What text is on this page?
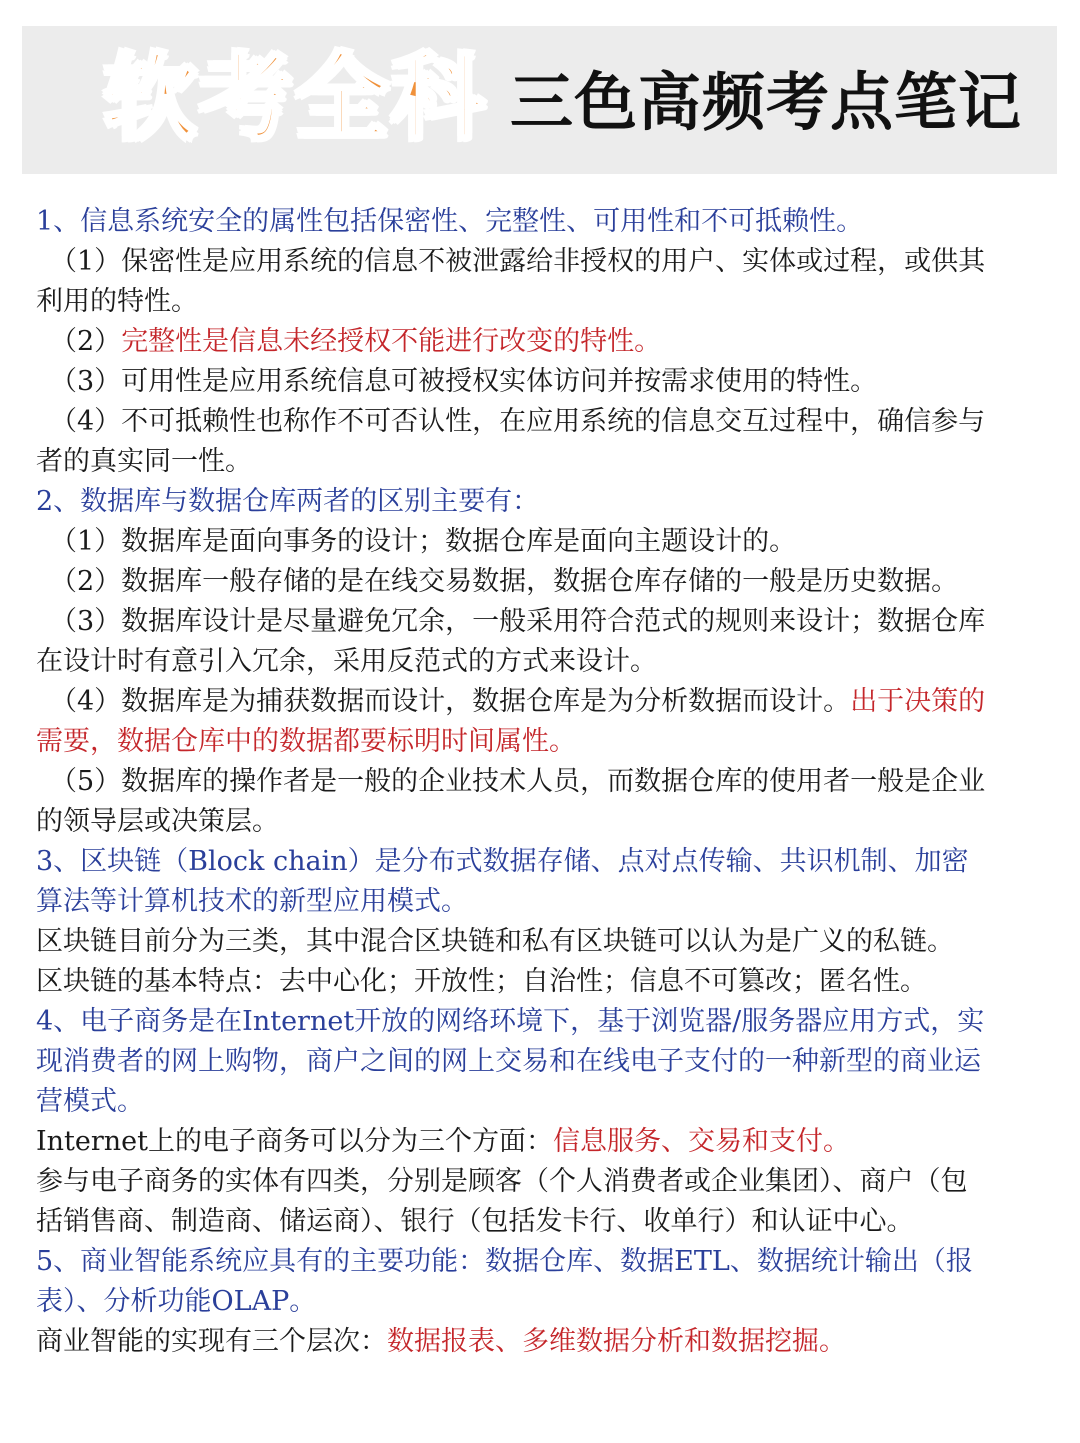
软考全科 三色高频考点笔记
1、信息系统安全的属性包括保密性、完整性、可用性和不可抵赖性。
（1）保密性是应用系统的信息不被泄露给非授权的用户、实体或过程，或供其
利用的特性。
（2）完整性是信息未经授权不能进行改变的特性。
（3）可用性是应用系统信息可被授权实体访问并按需求使用的特性。
（4）不可抵赖性也称作不可否认性，在应用系统的信息交互过程中，确信参与
者的真实同一性。
2、数据库与数据仓库两者的区别主要有：
（1）数据库是面向事务的设计；数据仓库是面向主题设计的。
（2）数据库一般存储的是在线交易数据，数据仓库存储的一般是历史数据。
（3）数据库设计是尽量避免冗余，一般采用符合范式的规则来设计；数据仓库
在设计时有意引入冗余，采用反范式的方式来设计。
（4）数据库是为捕获数据而设计，数据仓库是为分析数据而设计。出于决策的
需要，数据仓库中的数据都要标明时间属性。
（5）数据库的操作者是一般的企业技术人员，而数据仓库的使用者一般是企业
的领导层或决策层。
3、区块链（Block chain）是分布式数据存储、点对点传输、共识机制、加密
算法等计算机技术的新型应用模式。
区块链目前分为三类，其中混合区块链和私有区块链可以认为是广义的私链。
区块链的基本特点：去中心化；开放性；自治性；信息不可篡改；匿名性。
4、电子商务是在Internet开放的网络环境下，基于浏览器/服务器应用方式，实
现消费者的网上购物，商户之间的网上交易和在线电子支付的一种新型的商业运
营模式。
Internet上的电子商务可以分为三个方面：信息服务、交易和支付。
参与电子商务的实体有四类，分别是顾客（个人消费者或企业集团）、商户（包
括销售商、制造商、储运商）、银行（包括发卡行、收单行）和认证中心。
5、商业智能系统应具有的主要功能：数据仓库、数据ETL、数据统计输出（报
表）、分析功能OLAP。
商业智能的实现有三个层次：数据报表、多维数据分析和数据挖掘。
